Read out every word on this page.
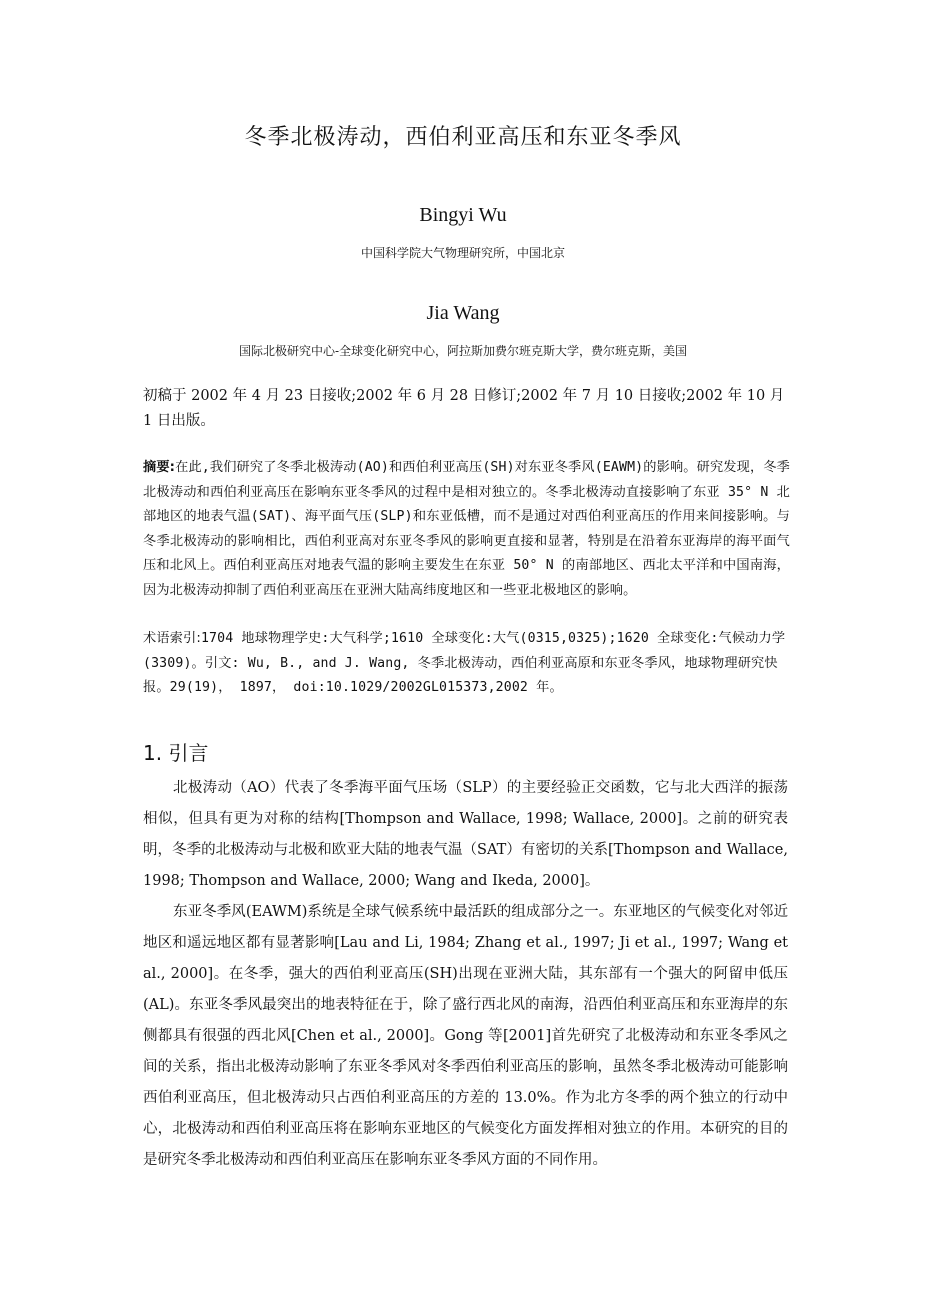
冬季北极涛动，西伯利亚高压和东亚冬季风
Bingyi Wu

中国科学院大气物理研究所，中国北京

Jia Wang

国际北极研究中心-全球变化研究中心，阿拉斯加费尔班克斯大学，费尔班克斯，美国

初稿于 2002 年 4 月 23 日接收;2002 年 6 月 28 日修订;2002 年 7 月 10 日接收;2002 年 10 月 1 日出版。

摘要:在此,我们研究了冬季北极涛动(AO)和西伯利亚高压(SH)对东亚冬季风(EAWM)的影响。研究发现，冬季北极涛动和西伯利亚高压在影响东亚冬季风的过程中是相对独立的。冬季北极涛动直接影响了东亚 35° N 北部地区的地表气温(SAT)、海平面气压(SLP)和东亚低槽，而不是通过对西伯利亚高压的作用来间接影响。与冬季北极涛动的影响相比，西伯利亚高对东亚冬季风的影响更直接和显著，特别是在沿着东亚海岸的海平面气压和北风上。西伯利亚高压对地表气温的影响主要发生在东亚 50° N 的南部地区、西北太平洋和中国南海，因为北极涛动抑制了西伯利亚高压在亚洲大陆高纬度地区和一些亚北极地区的影响。

术语索引:1704 地球物理学史:大气科学;1610 全球变化:大气(0315,0325);1620 全球变化:气候动力学(3309)。引文: Wu, B., and J. Wang, 冬季北极涛动，西伯利亚高原和东亚冬季风，地球物理研究快报。29(19)， 1897， doi:10.1029/2002GL015373,2002 年。

1. 引言

北极涛动（AO）代表了冬季海平面气压场（SLP）的主要经验正交函数，它与北大西洋的振荡相似，但具有更为对称的结构[Thompson and Wallace, 1998; Wallace, 2000]。之前的研究表明，冬季的北极涛动与北极和欧亚大陆的地表气温（SAT）有密切的关系[Thompson and Wallace, 1998; Thompson and Wallace, 2000; Wang and Ikeda, 2000]。

东亚冬季风(EAWM)系统是全球气候系统中最活跃的组成部分之一。东亚地区的气候变化对邻近地区和遥远地区都有显著影响[Lau and Li, 1984; Zhang et al., 1997; Ji et al., 1997; Wang et al., 2000]。在冬季，强大的西伯利亚高压(SH)出现在亚洲大陆，其东部有一个强大的阿留申低压(AL)。东亚冬季风最突出的地表特征在于，除了盛行西北风的南海，沿西伯利亚高压和东亚海岸的东侧都具有很强的西北风[Chen et al., 2000]。Gong 等[2001]首先研究了北极涛动和东亚冬季风之间的关系，指出北极涛动影响了东亚冬季风对冬季西伯利亚高压的影响，虽然冬季北极涛动可能影响西伯利亚高压，但北极涛动只占西伯利亚高压的方差的 13.0%。作为北方冬季的两个独立的行动中心，北极涛动和西伯利亚高压将在影响东亚地区的气候变化方面发挥相对独立的作用。本研究的目的是研究冬季北极涛动和西伯利亚高压在影响东亚冬季风方面的不同作用。
